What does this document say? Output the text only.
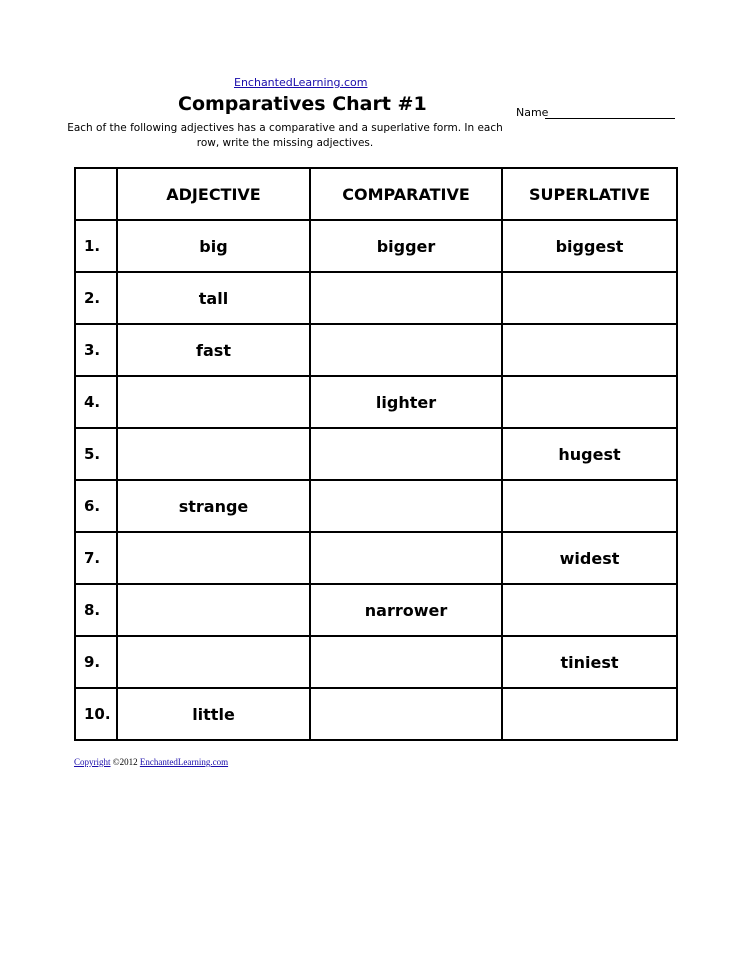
EnchantedLearning.com
Comparatives Chart #1	Name
Each of the following adjectives has a comparative and a superlative form. In each row, write the missing adjectives.
	ADJECTIVE	COMPARATIVE	SUPERLATIVE
1.	big	bigger	biggest
2.	tall		
3.	fast		
4.		lighter	
5.			hugest
6.	strange		
7.			widest
8.		narrower	
9.			tiniest
10.	little		
Copyright ©2012 EnchantedLearning.com
